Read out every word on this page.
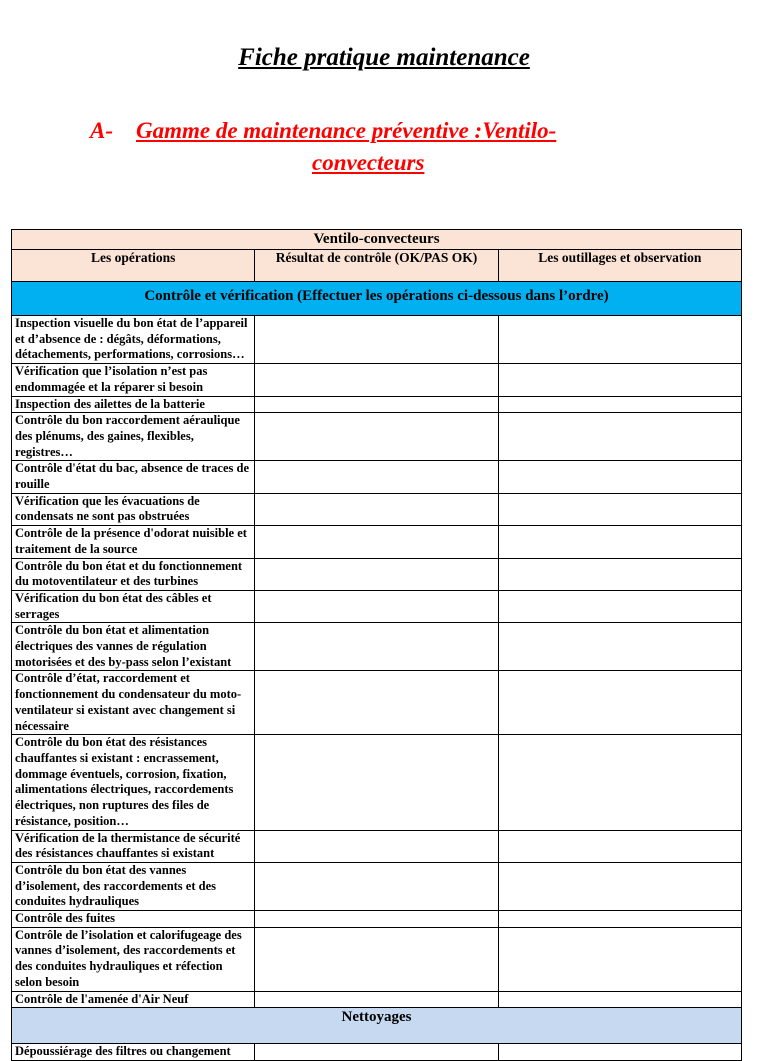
Fiche pratique maintenance
A- Gamme de maintenance préventive :Ventilo-
convecteurs
Ventilo-convecteurs		
Les opérations	Résultat de contrôle (OK/PAS OK)	Les outillages et observation
Contrôle et vérification (Effectuer les opérations ci-dessous dans l’ordre)		
Inspection visuelle du bon état de l’appareil et d’absence de : dégâts, déformations, détachements, performations, corrosions…		
Vérification que l’isolation n’est pas endommagée et la réparer si besoin		
Inspection des ailettes de la batterie		
Contrôle du bon raccordement aéraulique des plénums, des gaines, flexibles, registres…		
Contrôle d'état du bac, absence de traces de rouille		
Vérification que les évacuations de condensats ne sont pas obstruées		
Contrôle de la présence d'odorat nuisible et traitement de la source		
Contrôle du bon état et du fonctionnement du motoventilateur et des turbines		
Vérification du bon état des câbles et serrages		
Contrôle du bon état et alimentation électriques des vannes de régulation motorisées et des by-pass selon l’existant		
Contrôle d’état, raccordement et fonctionnement du condensateur du moto-ventilateur si existant avec changement si nécessaire		
Contrôle du bon état des résistances chauffantes si existant : encrassement, dommage éventuels, corrosion, fixation, alimentations électriques, raccordements électriques, non ruptures des files de résistance, position…		
Vérification de la thermistance de sécurité des résistances chauffantes si existant		
Contrôle du bon état des vannes d’isolement, des raccordements et des conduites hydrauliques		
Contrôle des fuites		
Contrôle de l’isolation et calorifugeage des vannes d’isolement, des raccordements et des conduites hydrauliques et réfection selon besoin		
Contrôle de l'amenée d'Air Neuf		
Nettoyages		
Dépoussiérage des filtres ou changement		
